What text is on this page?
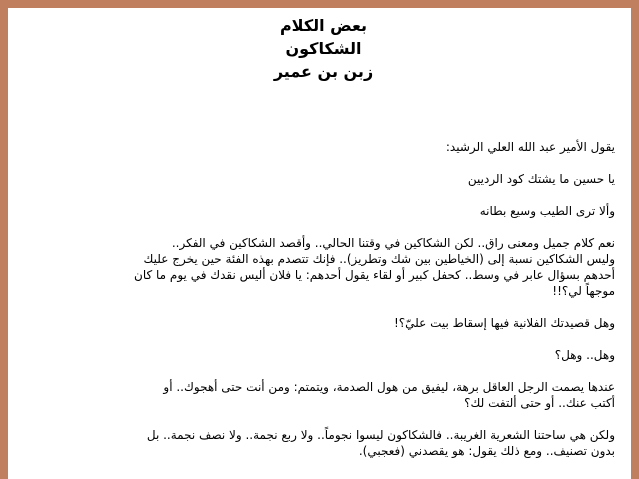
بعض الكلام
الشكاكون
زبن بن عمير

يقول الأمير عبد الله العلي الرشيد:

يا حسين ما يشتك كود الرديين

وألا ترى الطيب وسيع بطانه

نعم كلام جميل ومعنى راق.. لكن الشكاكين في وقتنا الحالي.. وأقصد الشكاكين في الفكر..
وليس الشكاكين نسبة إلى (الخياطين بين شك وتطريز).. فإنك تتصدم بهذه الفئة حين يخرج عليك
أحدهم بسؤال عابر في وسط.. كحفل كبير أو لقاء يقول أحدهم: يا فلان أليس نقدك في يوم ما كان
موجهاً لي؟!!

وهل قصيدتك الفلانية فيها إسقاط بيت عليّ؟!

وهل.. وهل؟

عندها يصمت الرجل العاقل برهة، ليفيق من هول الصدمة، ويتمتم: ومن أنت حتى أهجوك.. أو
أكتب عنك.. أو حتى ألتفت لك؟

ولكن هي ساحتنا الشعرية الغريبة.. فالشكاكون ليسوا نجوماً.. ولا ربع نجمة.. ولا نصف نجمة.. بل
بدون تصنيف.. ومع ذلك يقول: هو يقصدني (فعجبي).
